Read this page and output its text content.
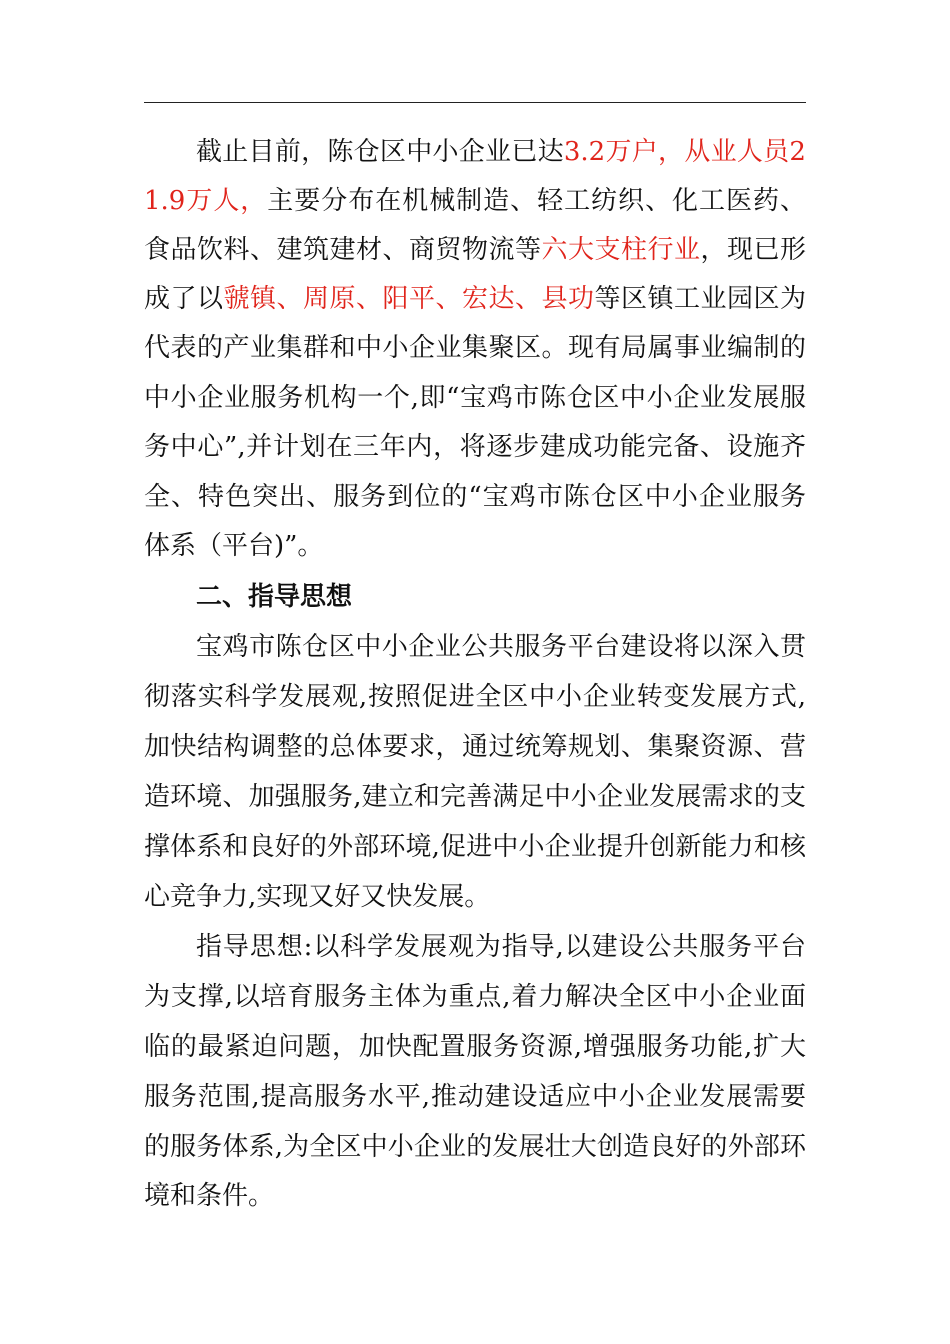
截止目前，陈仓区中小企业已达3.2万户，从业人员2
1.9万人，主要分布在机械制造、轻工纺织、化工医药、
食品饮料、建筑建材、商贸物流等六大支柱行业，现已形
成了以虢镇、周原、阳平、宏达、县功等区镇工业园区为
代表的产业集群和中小企业集聚区。现有局属事业编制的
中小企业服务机构一个,即“宝鸡市陈仓区中小企业发展服
务中心”,并计划在三年内，将逐步建成功能完备、设施齐
全、特色突出、服务到位的“宝鸡市陈仓区中小企业服务
体系（平台)”。
二、指导思想
宝鸡市陈仓区中小企业公共服务平台建设将以深入贯
彻落实科学发展观,按照促进全区中小企业转变发展方式,
加快结构调整的总体要求，通过统筹规划、集聚资源、营
造环境、加强服务,建立和完善满足中小企业发展需求的支
撑体系和良好的外部环境,促进中小企业提升创新能力和核
心竞争力,实现又好又快发展。
指导思想:以科学发展观为指导,以建设公共服务平台
为支撑,以培育服务主体为重点,着力解决全区中小企业面
临的最紧迫问题，加快配置服务资源,增强服务功能,扩大
服务范围,提高服务水平,推动建设适应中小企业发展需要
的服务体系,为全区中小企业的发展壮大创造良好的外部环
境和条件。
